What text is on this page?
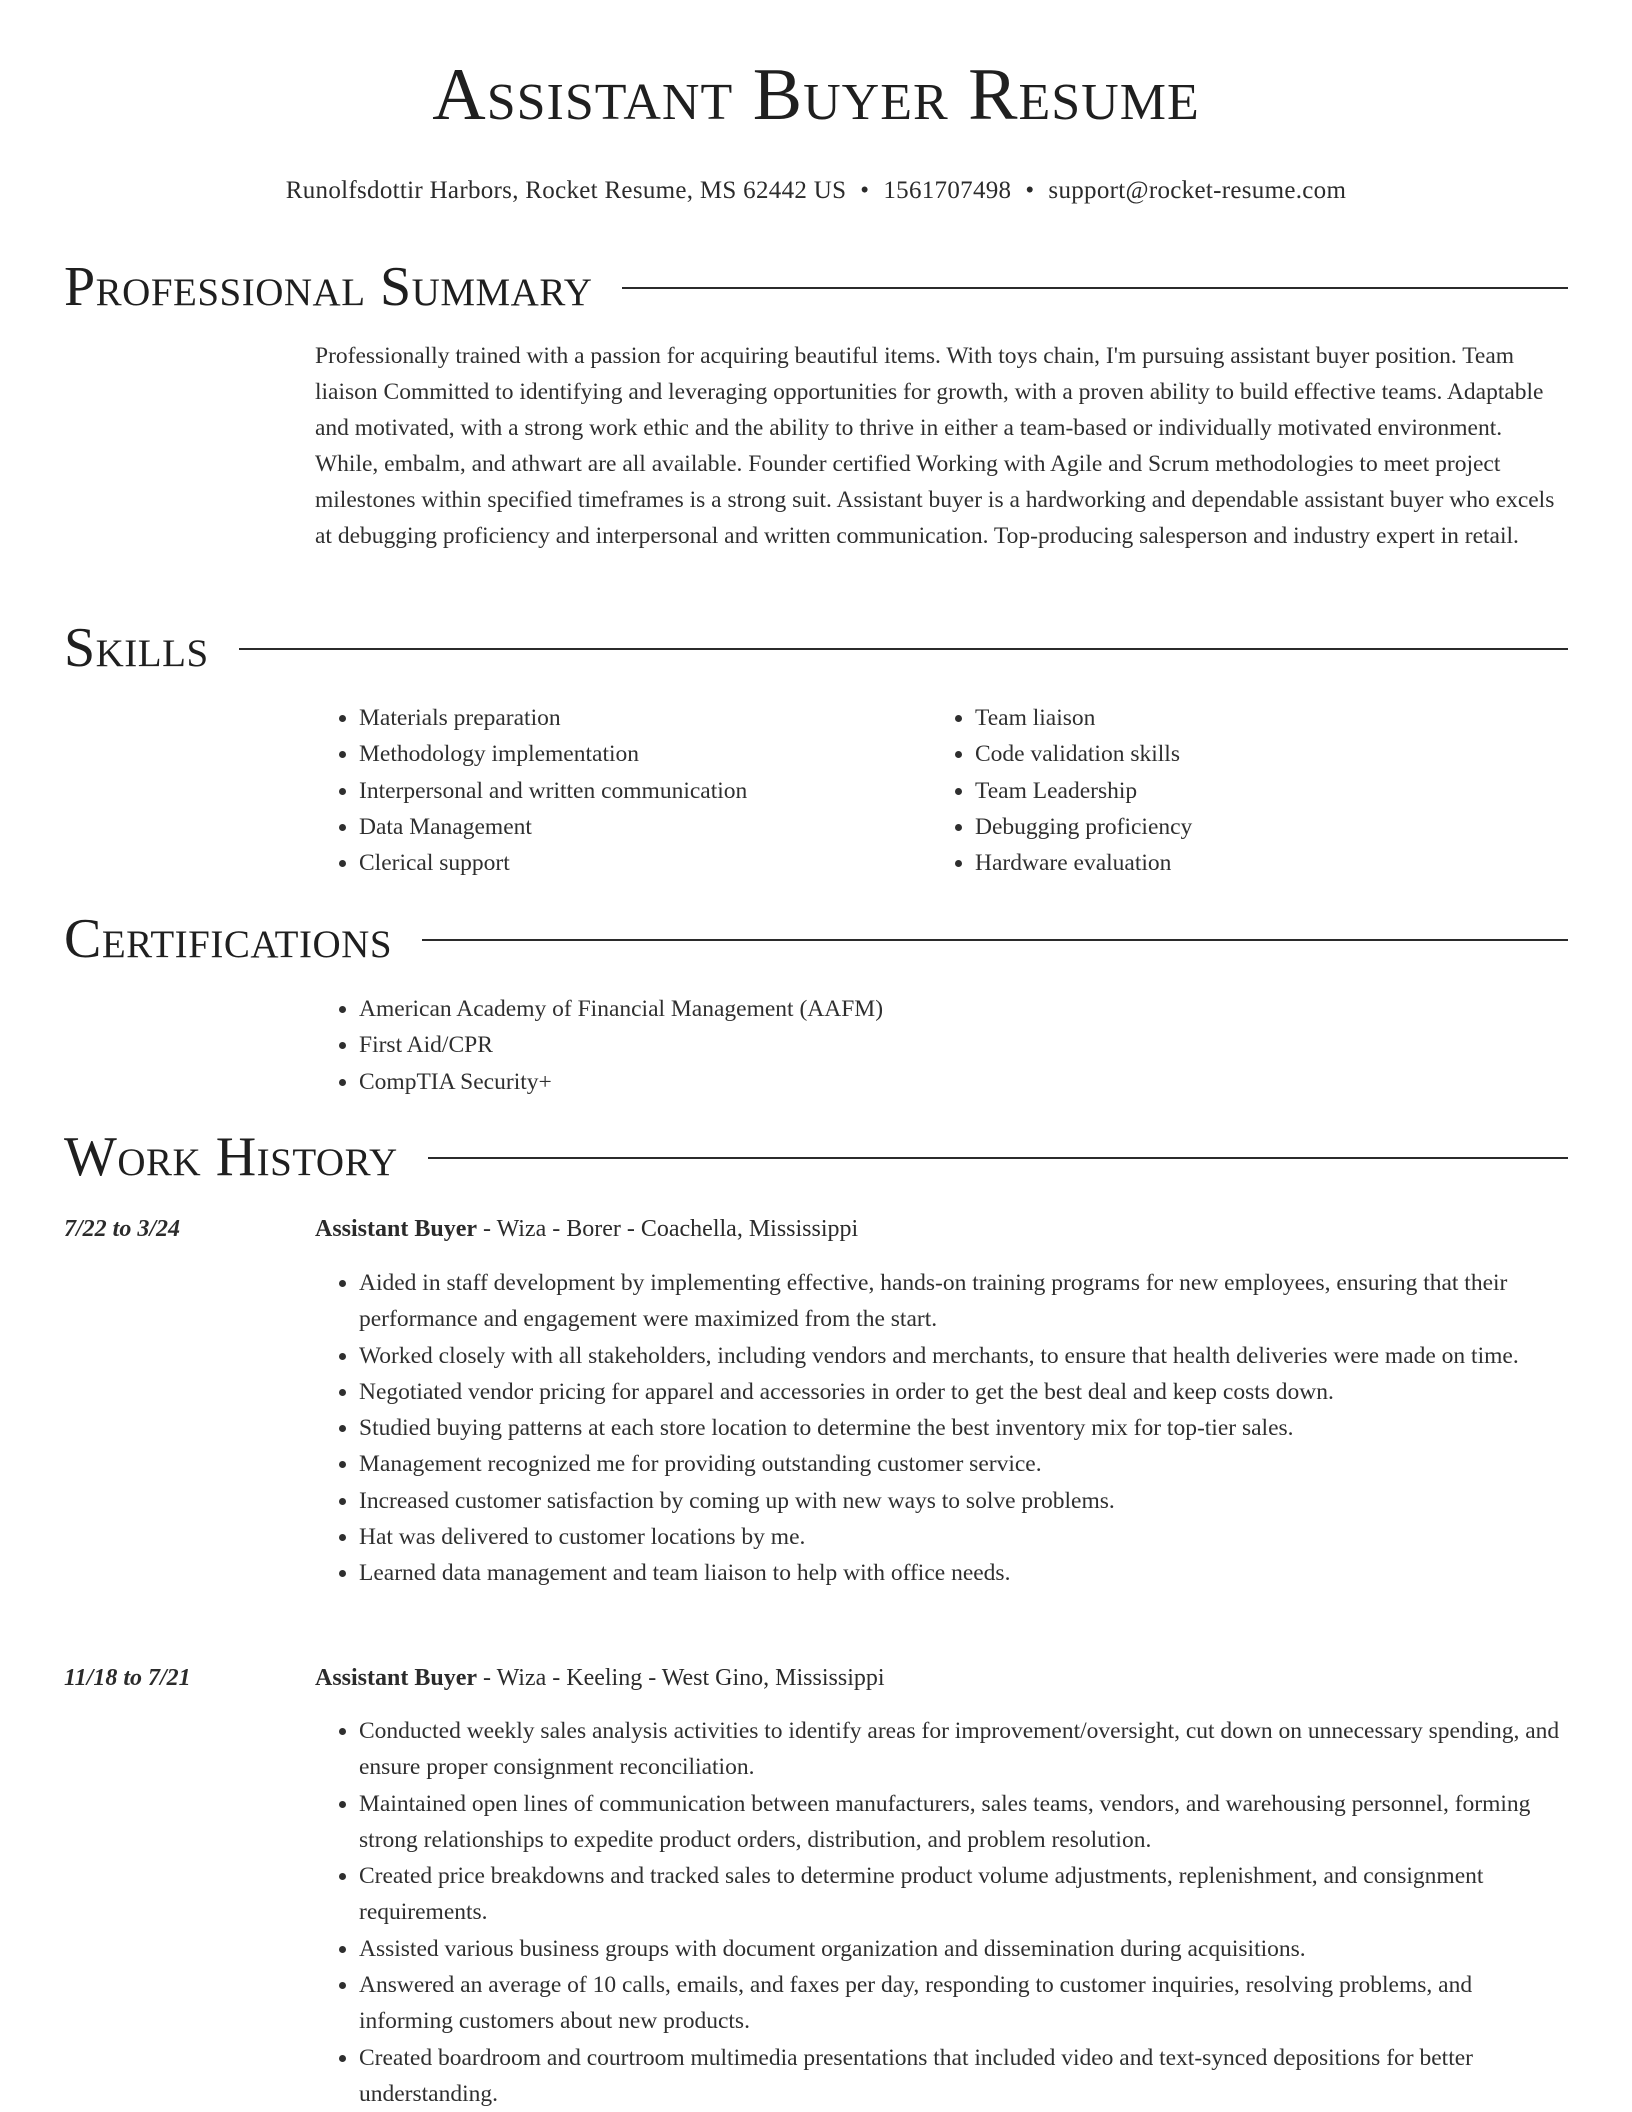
Assistant Buyer Resume
Runolfsdottir Harbors, Rocket Resume, MS 62442 US • 1561707498 • support@rocket-resume.com
Professional Summary

Professionally trained with a passion for acquiring beautiful items. With toys chain, I'm pursuing assistant buyer position. Team liaison Committed to identifying and leveraging opportunities for growth, with a proven ability to build effective teams. Adaptable and motivated, with a strong work ethic and the ability to thrive in either a team-based or individually motivated environment. While, embalm, and athwart are all available. Founder certified Working with Agile and Scrum methodologies to meet project milestones within specified timeframes is a strong suit. Assistant buyer is a hardworking and dependable assistant buyer who excels at debugging proficiency and interpersonal and written communication. Top-producing salesperson and industry expert in retail.

Skills
• Materials preparation
• Methodology implementation
• Interpersonal and written communication
• Data Management
• Clerical support
• Team liaison
• Code validation skills
• Team Leadership
• Debugging proficiency
• Hardware evaluation
Certifications
• American Academy of Financial Management (AAFM)
• First Aid/CPR
• CompTIA Security+
Work History
7/22 to 3/24	Assistant Buyer - Wiza - Borer - Coachella, Mississippi
• Aided in staff development by implementing effective, hands-on training programs for new employees, ensuring that their performance and engagement were maximized from the start.
• Worked closely with all stakeholders, including vendors and merchants, to ensure that health deliveries were made on time.
• Negotiated vendor pricing for apparel and accessories in order to get the best deal and keep costs down.
• Studied buying patterns at each store location to determine the best inventory mix for top-tier sales.
• Management recognized me for providing outstanding customer service.
• Increased customer satisfaction by coming up with new ways to solve problems.
• Hat was delivered to customer locations by me.
• Learned data management and team liaison to help with office needs.
11/18 to 7/21	Assistant Buyer - Wiza - Keeling - West Gino, Mississippi
• Conducted weekly sales analysis activities to identify areas for improvement/oversight, cut down on unnecessary spending, and ensure proper consignment reconciliation.
• Maintained open lines of communication between manufacturers, sales teams, vendors, and warehousing personnel, forming strong relationships to expedite product orders, distribution, and problem resolution.
• Created price breakdowns and tracked sales to determine product volume adjustments, replenishment, and consignment requirements.
• Assisted various business groups with document organization and dissemination during acquisitions.
• Answered an average of 10 calls, emails, and faxes per day, responding to customer inquiries, resolving problems, and informing customers about new products.
• Created boardroom and courtroom multimedia presentations that included video and text-synced depositions for better understanding.
